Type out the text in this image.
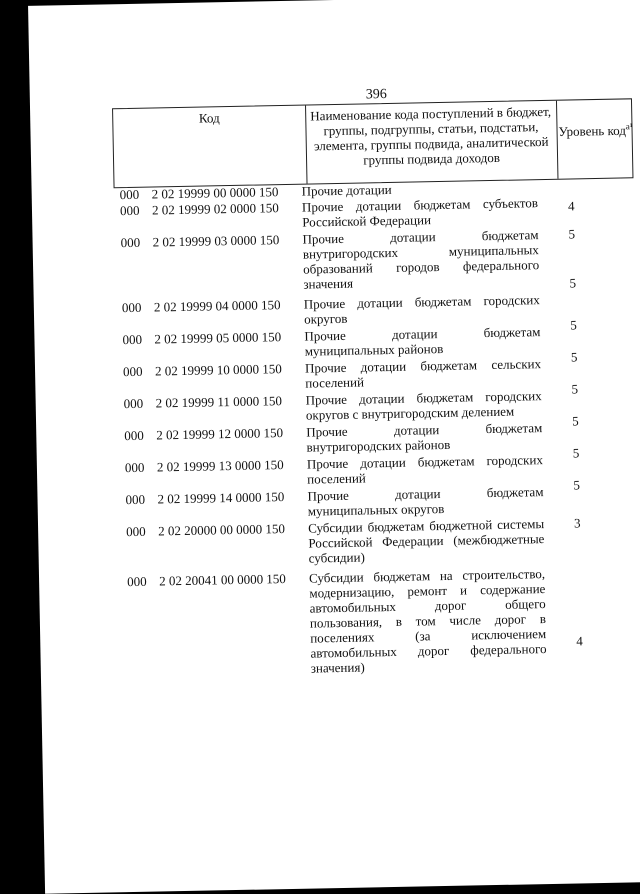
396
Код	Наименование кода поступлений в бюджет, группы, подгруппы, статьи, подстатьи, элемента, группы подвида, аналитической группы подвида доходов
Уровень код$^{а^1}$
000 2 02 19999 00 0000 150 Прочие дотации
000 2 02 19999 02 0000 150 Прочие дотации бюджетам субъектов Российской Федерации
4
000 2 02 19999 03 0000 150 Прочие дотации бюджетам внутригородских муниципальных образований городов федерального значения
5
000 2 02 19999 04 0000 150 Прочие дотации бюджетам городских округов
5
000 2 02 19999 05 0000 150 Прочие дотации бюджетам муниципальных районов
5
000 2 02 19999 10 0000 150 Прочие дотации бюджетам сельских поселений
5
000 2 02 19999 11 0000 150 Прочие дотации бюджетам городских округов с внутригородским делением
5
000 2 02 19999 12 0000 150 Прочие дотации бюджетам внутригородских районов
5
000 2 02 19999 13 0000 150 Прочие дотации бюджетам городских поселений
5
000 2 02 19999 14 0000 150 Прочие дотации бюджетам муниципальных округов
5
000 2 02 20000 00 0000 150 Субсидии бюджетам бюджетной системы Российской Федерации (межбюджетные субсидии)
3
000 2 02 20041 00 0000 150 Субсидии бюджетам на строительство, модернизацию, ремонт и содержание автомобильных дорог общего пользования, в том числе дорог в поселениях (за исключением автомобильных дорог федерального значения)
4
